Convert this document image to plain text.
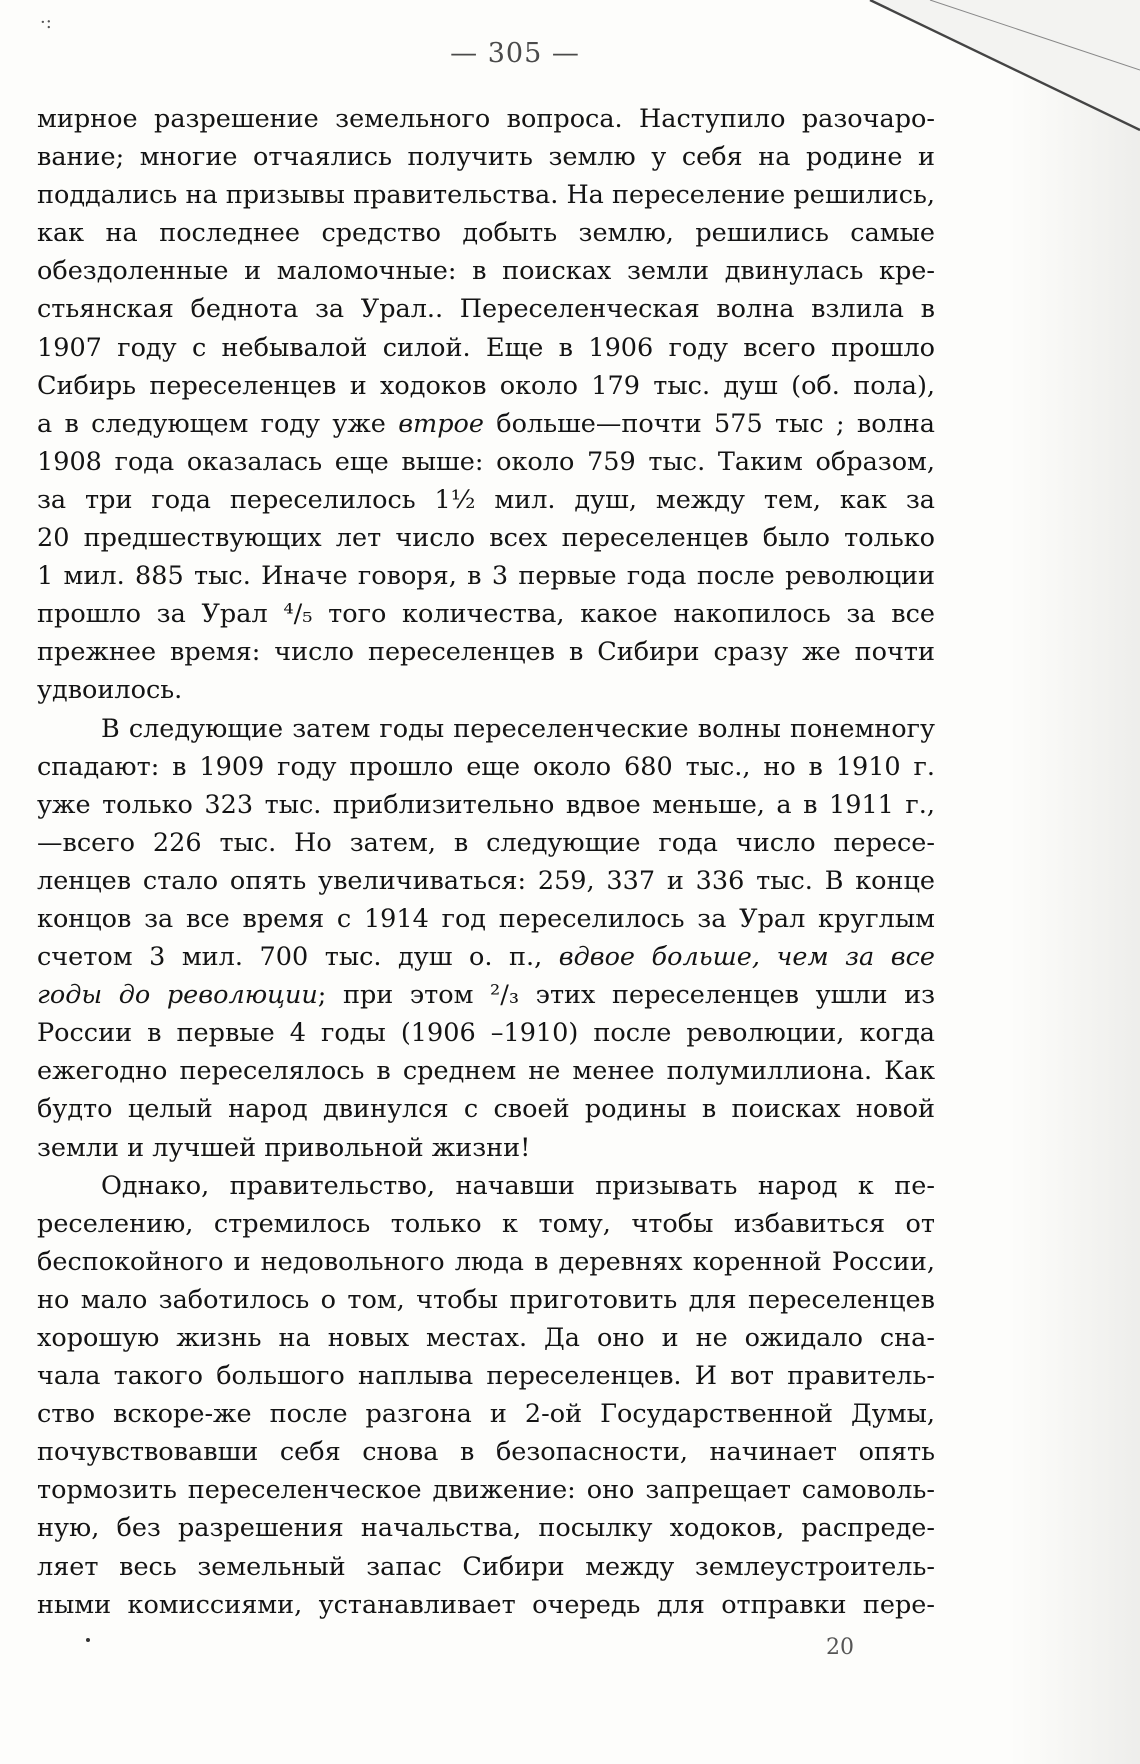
·:
— 305 —

мирное разрешение земельного вопроса. Наступило разочаро-
вание; многие отчаялись получить землю у себя на родине и
поддались на призывы правительства. На переселение решились,
как на последнее средство добыть землю, решились самые
обездоленные и маломочные: в поисках земли двинулась кре-
стьянская беднота за Урал.. Переселенческая волна взлила в
1907 году с небывалой силой. Еще в 1906 году всего прошло
Сибирь переселенцев и ходоков около 179 тыс. душ (об. пола),
а в следующем году уже втрое больше—почти 575 тыс ; волна
1908 года оказалась еще выше: около 759 тыс. Таким образом,
за три года переселилось 1½ мил. душ, между тем, как за
20 предшествующих лет число всех переселенцев было только
1 мил. 885 тыс. Иначе говоря, в 3 первые года после революции
прошло за Урал ⁴/₅ того количества, какое накопилось за все
прежнее время: число переселенцев в Сибири сразу же почти
удвоилось.

В следующие затем годы переселенческие волны понемногу
спадают: в 1909 году прошло еще около 680 тыс., но в 1910 г.
уже только 323 тыс. приблизительно вдвое меньше, а в 1911 г.,
—всего 226 тыс. Но затем, в следующие года число пересе-
ленцев стало опять увеличиваться: 259, 337 и 336 тыс. В конце
концов за все время с 1914 год переселилось за Урал круглым
счетом 3 мил. 700 тыс. душ о. п., вдвое больше, чем за все
годы до революции; при этом ²/₃ этих переселенцев ушли из
России в первые 4 годы (1906 –1910) после революции, когда
ежегодно переселялось в среднем не менее полумиллиона. Как
будто целый народ двинулся с своей родины в поисках новой
земли и лучшей привольной жизни!

Однако, правительство, начавши призывать народ к пе-
реселению, стремилось только к тому, чтобы избавиться от
беспокойного и недовольного люда в деревнях коренной России,
но мало заботилось о том, чтобы приготовить для переселенцев
хорошую жизнь на новых местах. Да оно и не ожидало сна-
чала такого большого наплыва переселенцев. И вот правитель-
ство вскоре-же после разгона и 2-ой Государственной Думы,
почувствовавши себя снова в безопасности, начинает опять
тормозить переселенческое движение: оно запрещает самоволь-
ную, без разрешения начальства, посылку ходоков, распреде-
ляет весь земельный запас Сибири между землеустроитель-
ными комиссиями, устанавливает очередь для отправки пере-

20
